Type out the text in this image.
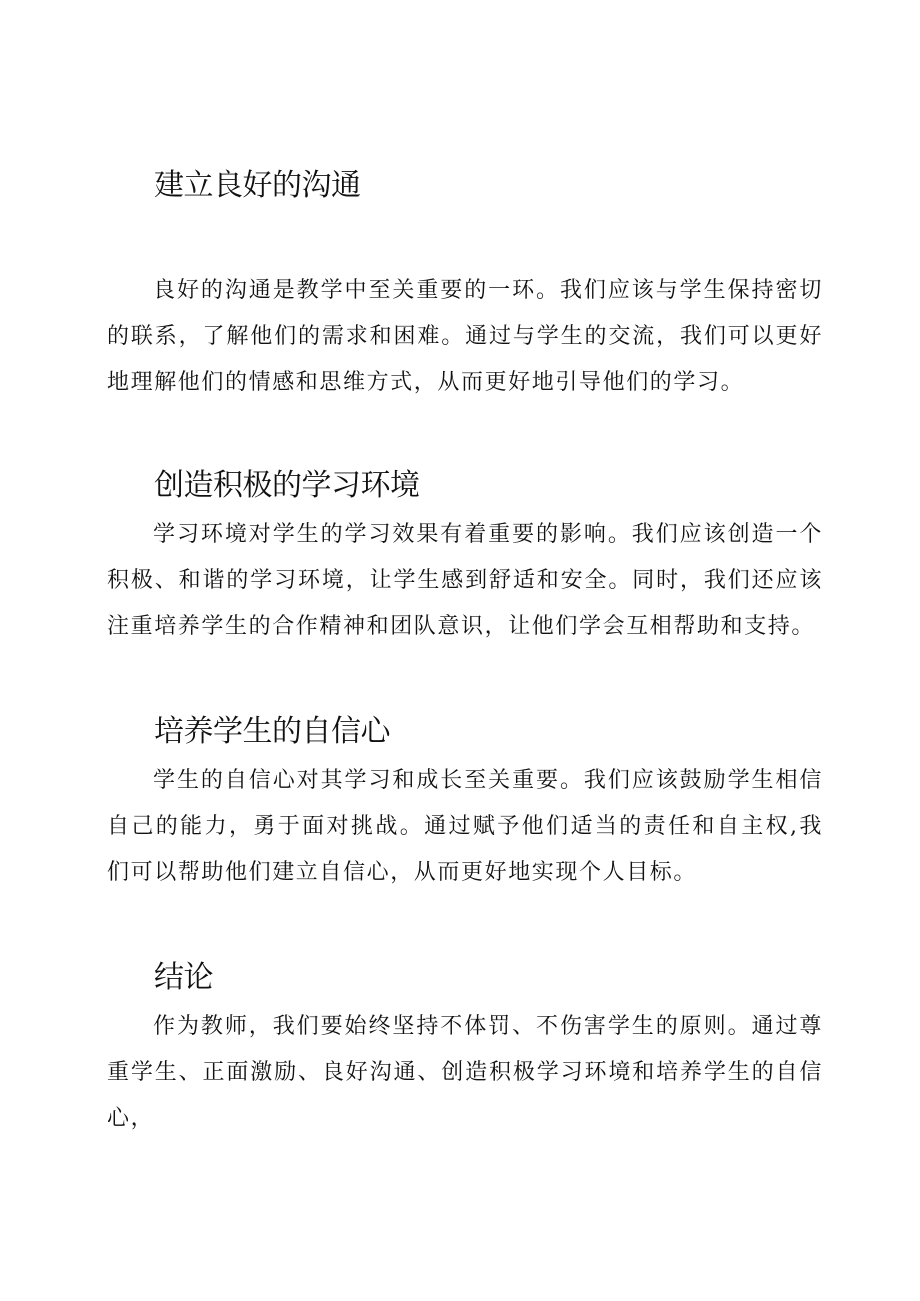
建立良好的沟通

良好的沟通是教学中至关重要的一环。我们应该与学生保持密切的联系，了解他们的需求和困难。通过与学生的交流，我们可以更好地理解他们的情感和思维方式，从而更好地引导他们的学习。

创造积极的学习环境

学习环境对学生的学习效果有着重要的影响。我们应该创造一个积极、和谐的学习环境，让学生感到舒适和安全。同时，我们还应该注重培养学生的合作精神和团队意识，让他们学会互相帮助和支持。

培养学生的自信心

学生的自信心对其学习和成长至关重要。我们应该鼓励学生相信自己的能力，勇于面对挑战。通过赋予他们适当的责任和自主权,我们可以帮助他们建立自信心，从而更好地实现个人目标。

结论

作为教师，我们要始终坚持不体罚、不伤害学生的原则。通过尊重学生、正面激励、良好沟通、创造积极学习环境和培养学生的自信心，
